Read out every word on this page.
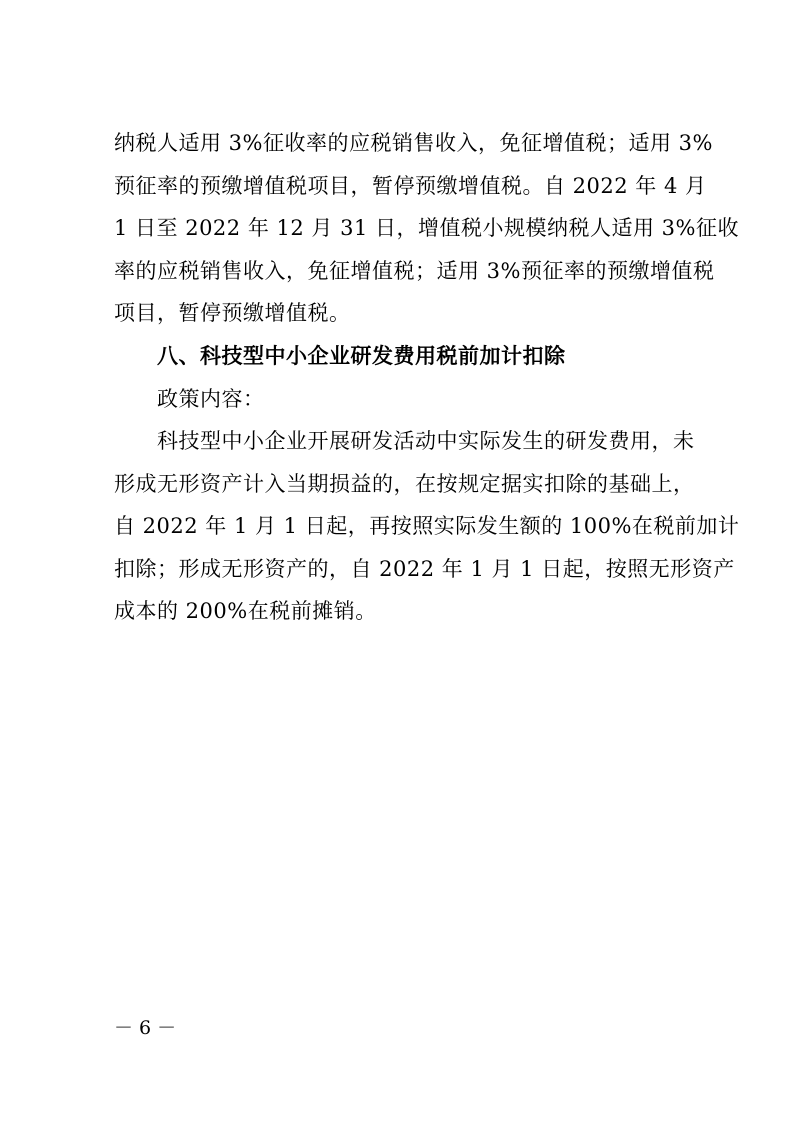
纳税人适用 3%征收率的应税销售收入，免征增值税；适用 3%
预征率的预缴增值税项目，暂停预缴增值税。自 2022 年 4 月
1 日至 2022 年 12 月 31 日，增值税小规模纳税人适用 3%征收
率的应税销售收入，免征增值税；适用 3%预征率的预缴增值税
项目，暂停预缴增值税。
八、科技型中小企业研发费用税前加计扣除
政策内容：
科技型中小企业开展研发活动中实际发生的研发费用，未
形成无形资产计入当期损益的，在按规定据实扣除的基础上，
自 2022 年 1 月 1 日起，再按照实际发生额的 100%在税前加计
扣除；形成无形资产的，自 2022 年 1 月 1 日起，按照无形资产
成本的 200%在税前摊销。
－ 6 －
